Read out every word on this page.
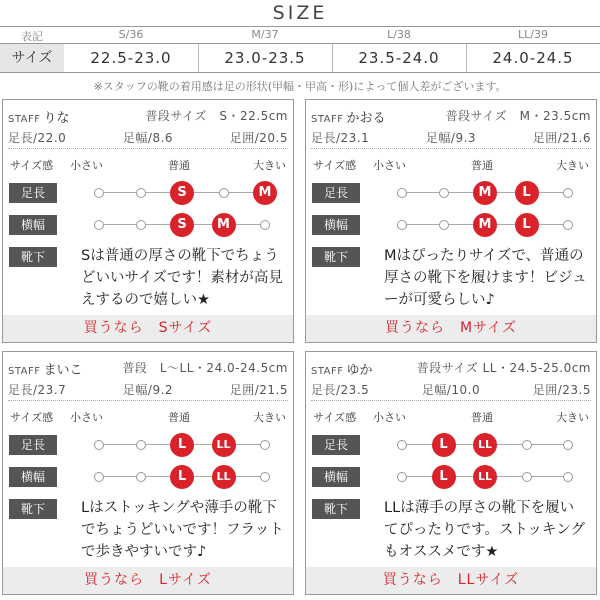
SIZE
表記	S/36	M/37	L/38	LL/39
サイズ	22.5-23.0	23.0-23.5	23.5-24.0	24.0-24.5
※スタッフの靴の着用感は足の形状(甲幅・甲高・形)によって個人差がございます。
STAFF りな	普段サイズ　S・22.5cm
足長/22.0	足幅/8.6	足囲/20.5
サイズ感 小さい	普通	大きい
足長
横幅
靴下
S	M
S	M
Sは普通の厚さの靴下でちょうどいいサイズです！素材が高見えするので嬉しい★
買うなら　Sサイズ
STAFF かおる	普段サイズ　M・23.5cm
足長/23.1	足幅/9.3	足囲/21.6
サイズ感 小さい	普通	大きい
足長
横幅
靴下
M	L
M	L
Mはぴったりサイズで、普通の厚さの靴下を履けます！ビジューが可愛らしい♪
買うなら　Mサイズ
STAFF まいこ	普段　L～LL・24.0-24.5cm
足長/23.7	足幅/9.2	足囲/21.5
サイズ感 小さい	普通	大きい
足長
横幅
靴下
L	LL
L	LL
Lはストッキングや薄手の靴下でちょうどいいです！フラットで歩きやすいです♪
買うなら　Lサイズ
STAFF ゆか	普段サイズ LL・24.5-25.0cm
足長/23.5	足幅/10.0	足囲/23.5
サイズ感 小さい	普通	大きい
足長
横幅
靴下
L	LL
L	LL
LLは薄手の厚さの靴下を履いてぴったりです。ストッキングもオススメです★
買うなら　LLサイズ
